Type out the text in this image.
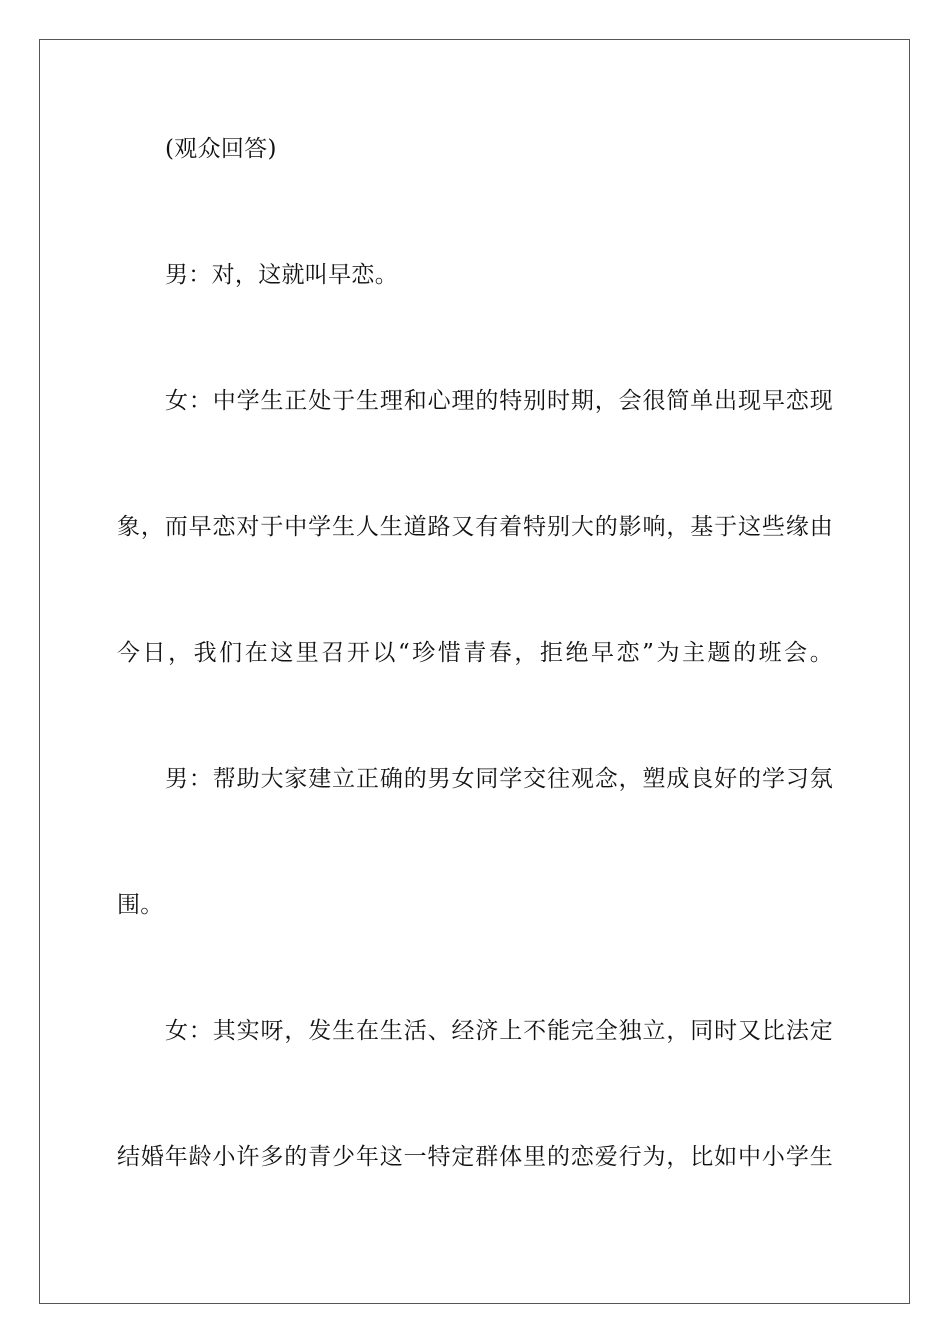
(观众回答)
男：对，这就叫早恋。
女：中学生正处于生理和心理的特别时期，会很简单出现早恋现
象，而早恋对于中学生人生道路又有着特别大的影响，基于这些缘由
今日，我们在这里召开以“珍惜青春，拒绝早恋”为主题的班会。
男：帮助大家建立正确的男女同学交往观念，塑成良好的学习氛
围。
女：其实呀，发生在生活、经济上不能完全独立，同时又比法定
结婚年龄小许多的青少年这一特定群体里的恋爱行为，比如中小学生
